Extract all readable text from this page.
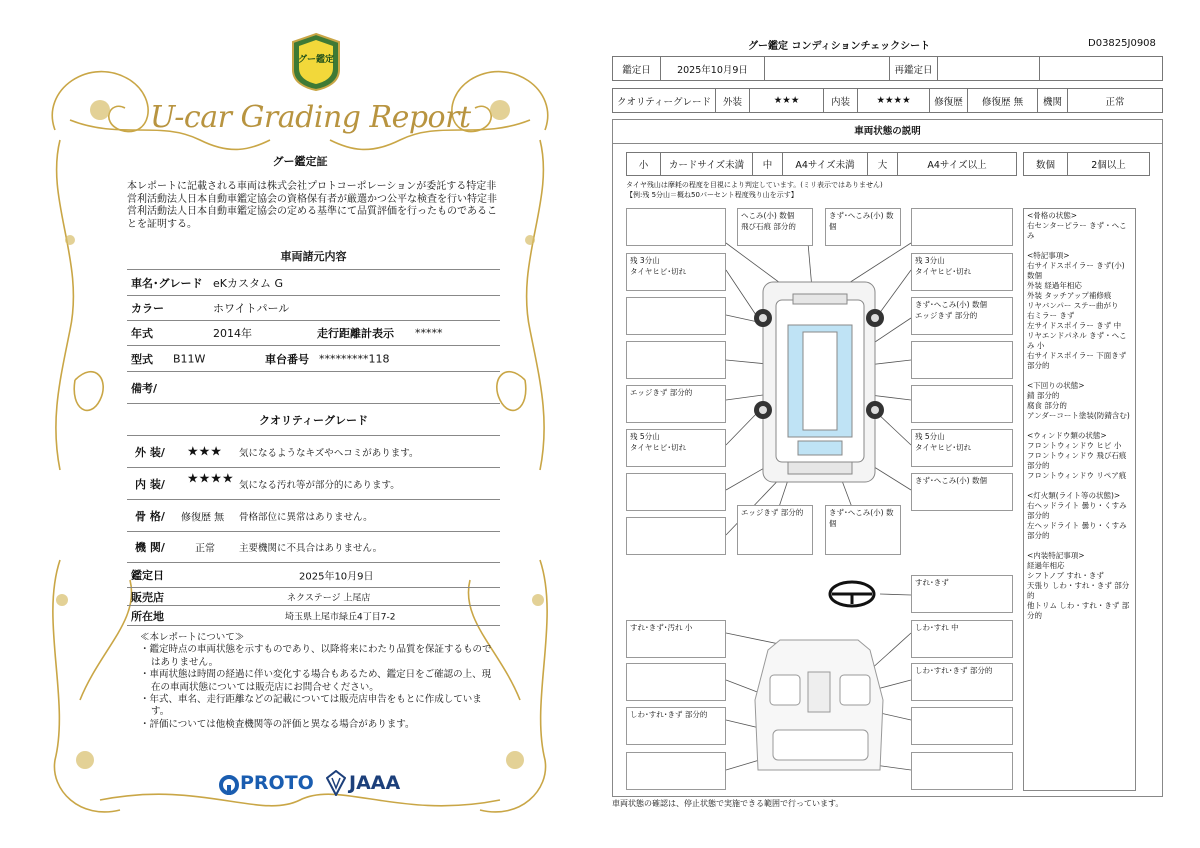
グー鑑定
U-car Grading Report
グー鑑定証
本レポートに記載される車両は株式会社プロトコーポレーションが委託する特定非営利活動法人日本自動車鑑定協会の資格保有者が厳選かつ公平な検査を行い特定非営利活動法人日本自動車鑑定協会の定める基準にて品質評価を行ったものであることを証明する。
車両諸元内容
車名･グレード eKカスタム G
カラー	ホワイトパール
年式	2014年	走行距離計表示 *****
型式 B11W	車台番号 *********118
備考/
クオリティーグレード
外 装/ ★★★ 気になるようなキズやヘコミがあります。
内 装/ ★★★★ 気になる汚れ等が部分的にあります。
骨 格/ 修復歴 無 骨格部位に異常はありません。
機 関/	正常	主要機関に不具合はありません。
鑑定日	2025年10月9日
販売店	ネクステージ 上尾店
所在地	埼玉県上尾市緑丘4丁目7-2
≪本レポートについて≫
・鑑定時点の車両状態を示すものであり、以降将来にわたり品質を保証するものではありません。
・車両状態は時間の経過に伴い変化する場合もあるため、鑑定日をご確認の上、現在の車両状態については販売店にお問合せください。
・年式、車名、走行距離などの記載については販売店申告をもとに作成しています。
・評価については他検査機関等の評価と異なる場合があります。
PROTO JAAA
グー鑑定 コンディションチェックシート	D03825J0908
鑑定日	2025年10月9日		再鑑定日		
クオリティーグレード	外装	★★★	内装	★★★★	修復歴	修復歴 無	機関	正常
車両状態の説明
小	カードサイズ未満	中	A4サイズ未満	大	A4サイズ以上	数個	2個以上
タイヤ残山は摩耗の程度を目視により判定しています。(ミリ表示ではありません)
【例:残 5分山＝概ね50パーセント程度残り山を示す】
へこみ(小) 数個
飛び石痕 部分的
きず･へこみ(小) 数個
残 3分山
タイヤヒビ･切れ
残 3分山
タイヤヒビ･切れ
きず･へこみ(小) 数個
エッジきず 部分的
エッジきず 部分的
残 5分山
タイヤヒビ･切れ
残 5分山
タイヤヒビ･切れ
きず･へこみ(小) 数個
エッジきず 部分的	きず･へこみ(小) 数個
すれ･きず
すれ･きず･汚れ 小	しわ･すれ 中
しわ･すれ･きず 部分的
しわ･すれ･きず 部分的
<骨格の状態>
右センターピラー きず・へこみ

<特記事項>
右サイドスポイラー きず(小) 数個
外装 経過年相応
外装 タッチアップ補修痕
リヤバンパー ステー曲がり
右ミラー きず
左サイドスポイラー きず 中
リヤエンドパネル きず・へこみ 小
右サイドスポイラー 下面きず
部分的

<下回りの状態>
錆 部分的
腐食 部分的
アンダーコート塗装(防錆含む)

<ウィンドウ類の状態>
フロントウィンドウ ヒビ 小
フロントウィンドウ 飛び石痕 部分的
フロントウィンドウ リペア痕

<灯火類(ライト等の状態)>
右ヘッドライト 曇り・くすみ 部分的
左ヘッドライト 曇り・くすみ 部分的

<内装特記事項>
経過年相応
シフトノブ すれ・きず
天張り しわ・すれ・きず 部分的
他トリム しわ・すれ・きず 部分的
車両状態の確認は、停止状態で実施できる範囲で行っています。
